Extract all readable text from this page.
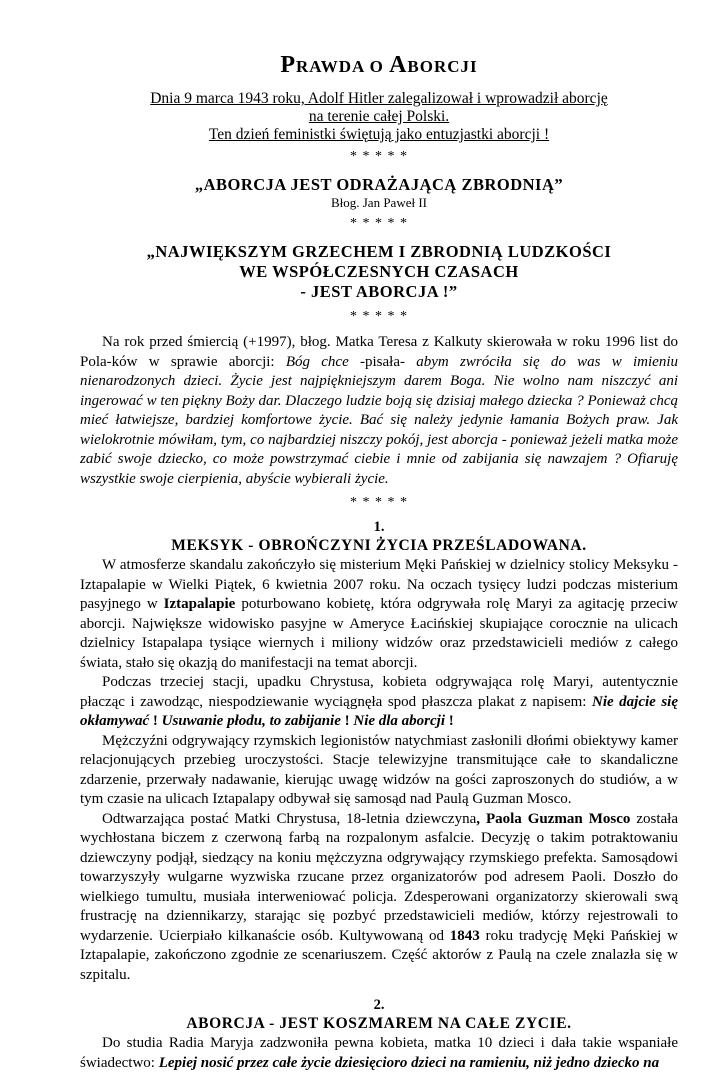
PRAWDA O ABORCJI
Dnia 9 marca 1943 roku, Adolf Hitler zalegalizował i wprowadził aborcję
na terenie całej Polski.
Ten dzień feministki świętują jako entuzjastki aborcji !
* * * * *
„ABORCJA JEST ODRAŻAJĄCĄ ZBRODNIĄ”
Błog. Jan Paweł II
* * * * *
„NAJWIĘKSZYM GRZECHEM I ZBRODNIĄ LUDZKOŚCI
WE WSPÓŁCZESNYCH CZASACH
- JEST ABORCJA !”
* * * * *

Na rok przed śmiercią (+1997), błog. Matka Teresa z Kalkuty skierowała w roku 1996 list do Pola-ków w sprawie aborcji: Bóg chce -pisała- abym zwróciła się do was w imieniu nienarodzonych dzieci. Życie jest najpiękniejszym darem Boga. Nie wolno nam niszczyć ani ingerować w ten piękny Boży dar. Dlaczego ludzie boją się dzisiaj małego dziecka ? Ponieważ chcą mieć łatwiejsze, bardziej komfortowe życie. Bać się należy jedynie łamania Bożych praw. Jak wielokrotnie mówiłam, tym, co najbardziej niszczy pokój, jest aborcja - ponieważ jeżeli matka może zabić swoje dziecko, co może powstrzymać ciebie i mnie od zabijania się nawzajem ? Ofiaruję wszystkie swoje cierpienia, abyście wybierali życie.

* * * * *
1.
MEKSYK - OBROŃCZYNI ŻYCIA PRZEŚLADOWANA.

W atmosferze skandalu zakończyło się misterium Męki Pańskiej w dzielnicy stolicy Meksyku - Iztapalapie w Wielki Piątek, 6 kwietnia 2007 roku. Na oczach tysięcy ludzi podczas misterium pasyjnego w Iztapalapie poturbowano kobietę, która odgrywała rolę Maryi za agitację przeciw aborcji. Największe widowisko pasyjne w Ameryce Łacińskiej skupiające corocznie na ulicach dzielnicy Istapalapa tysiące wiernych i miliony widzów oraz przedstawicieli mediów z całego świata, stało się okazją do manifestacji na temat aborcji.

Podczas trzeciej stacji, upadku Chrystusa, kobieta odgrywająca rolę Maryi, autentycznie płacząc i zawodząc, niespodziewanie wyciągnęła spod płaszcza plakat z napisem: Nie dajcie się okłamywać ! Usuwanie płodu, to zabijanie ! Nie dla aborcji !

Mężczyźni odgrywający rzymskich legionistów natychmiast zasłonili dłońmi obiektywy kamer relacjonujących przebieg uroczystości. Stacje telewizyjne transmitujące całe to skandaliczne zdarzenie, przerwały nadawanie, kierując uwagę widzów na gości zaproszonych do studiów, a w tym czasie na ulicach Iztapalapy odbywał się samosąd nad Paulą Guzman Mosco.

Odtwarzająca postać Matki Chrystusa, 18-letnia dziewczyna, Paola Guzman Mosco została wychłostana biczem z czerwoną farbą na rozpalonym asfalcie. Decyzję o takim potraktowaniu dziewczyny podjął, siedzący na koniu mężczyzna odgrywający rzymskiego prefekta. Samosądowi towarzyszyły wulgarne wyzwiska rzucane przez organizatorów pod adresem Paoli. Doszło do wielkiego tumultu, musiała interweniować policja. Zdesperowani organizatorzy skierowali swą frustrację na dziennikarzy, starając się pozbyć przedstawicieli mediów, którzy rejestrowali to wydarzenie. Ucierpiało kilkanaście osób. Kultywowaną od 1843 roku tradycję Męki Pańskiej w Iztapalapie, zakończono zgodnie ze scenariuszem. Część aktorów z Paulą na czele znalazła się w szpitalu.

2.
ABORCJA - JEST KOSZMAREM NA CAŁE ZYCIE.

Do studia Radia Maryja zadzwoniła pewna kobieta, matka 10 dzieci i dała takie wspaniałe świadectwo: Lepiej nosić przez całe życie dziesięcioro dzieci na ramieniu, niż jedno dziecko na
